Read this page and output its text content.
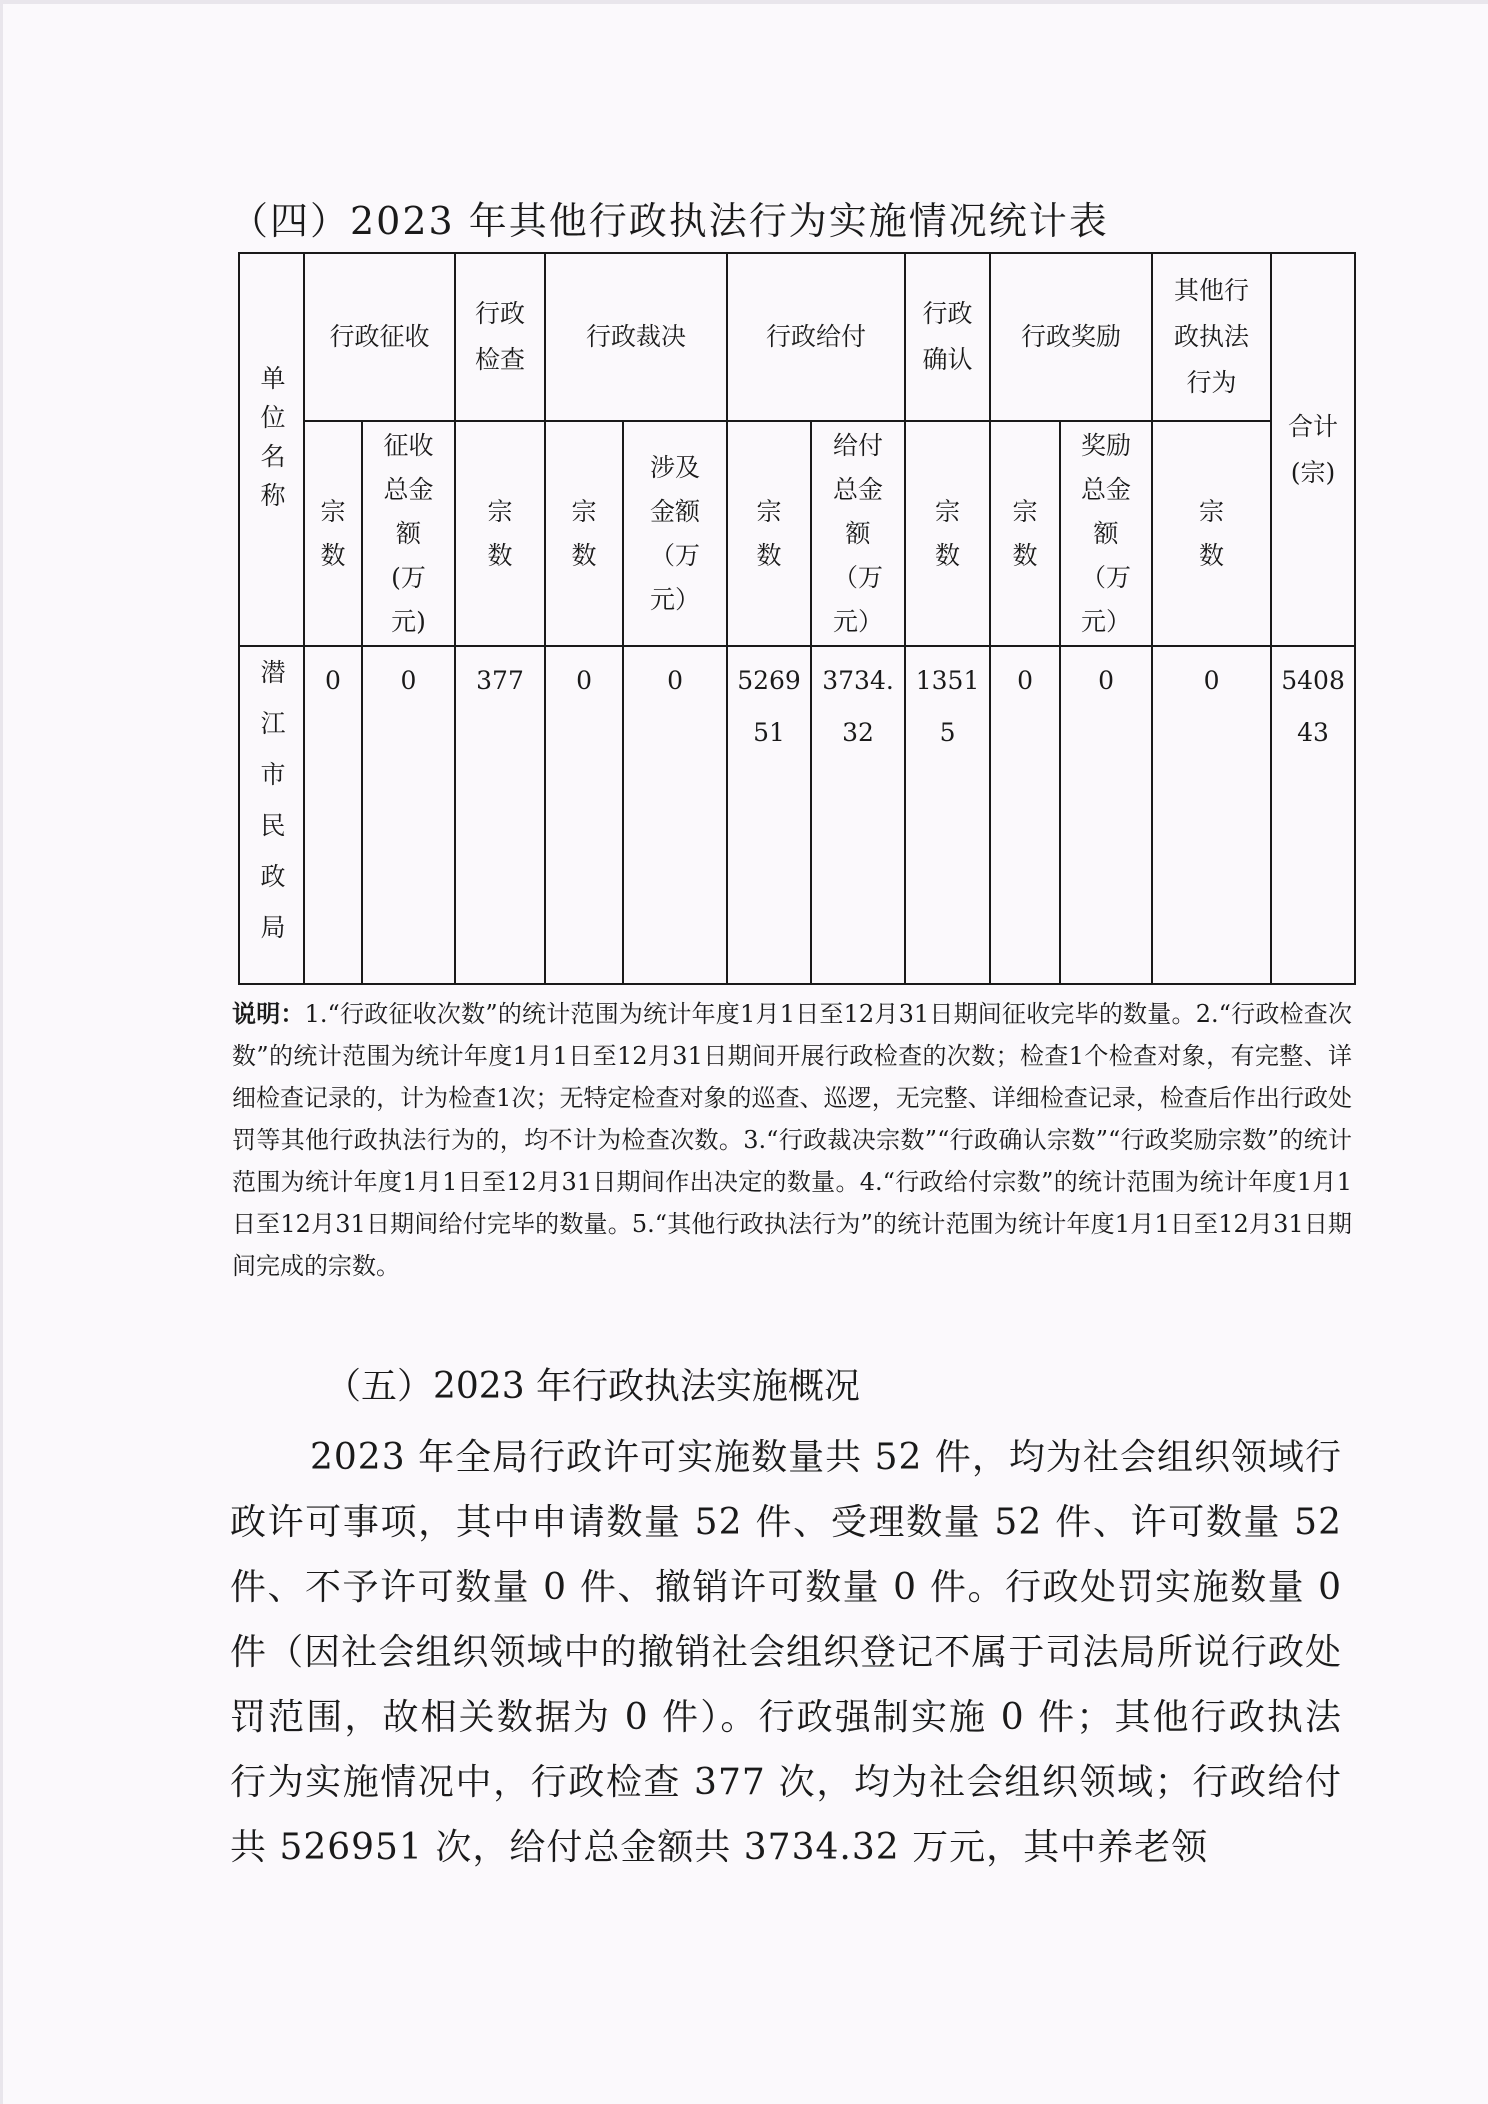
（四）2023 年其他行政执法行为实施情况统计表
单位名称	行政征收		行政检查	行政裁决		行政给付		行政确认	行政奖励		其他行政执法行为	合计(宗)
	宗数	征收总金额(万元)	宗数	宗数	涉及金额（万元）	宗数	给付总金额（万元）	宗数	宗数	奖励总金额（万元）	宗数	
潜江市民政局	0	0	377	0	0	526951	3734.32	13515	0	0	0	540843

说明：1.“行政征收次数”的统计范围为统计年度1月1日至12月31日期间征收完毕的数量。2.“行政检查次数”的统计范围为统计年度1月1日至12月31日期间开展行政检查的次数；检查1个检查对象，有完整、详细检查记录的，计为检查1次；无特定检查对象的巡查、巡逻，无完整、详细检查记录，检查后作出行政处罚等其他行政执法行为的，均不计为检查次数。3.“行政裁决宗数”“行政确认宗数”“行政奖励宗数”的统计范围为统计年度1月1日至12月31日期间作出决定的数量。4.“行政给付宗数”的统计范围为统计年度1月1日至12月31日期间给付完毕的数量。5.“其他行政执法行为”的统计范围为统计年度1月1日至12月31日期间完成的宗数。

（五）2023 年行政执法实施概况

2023 年全局行政许可实施数量共 52 件，均为社会组织领域行政许可事项，其中申请数量 52 件、受理数量 52 件、许可数量 52 件、不予许可数量 0 件、撤销许可数量 0 件。行政处罚实施数量 0 件（因社会组织领域中的撤销社会组织登记不属于司法局所说行政处罚范围，故相关数据为 0 件）。行政强制实施 0 件；其他行政执法行为实施情况中，行政检查 377 次，均为社会组织领域；行政给付共 526951 次，给付总金额共 3734.32 万元，其中养老领
